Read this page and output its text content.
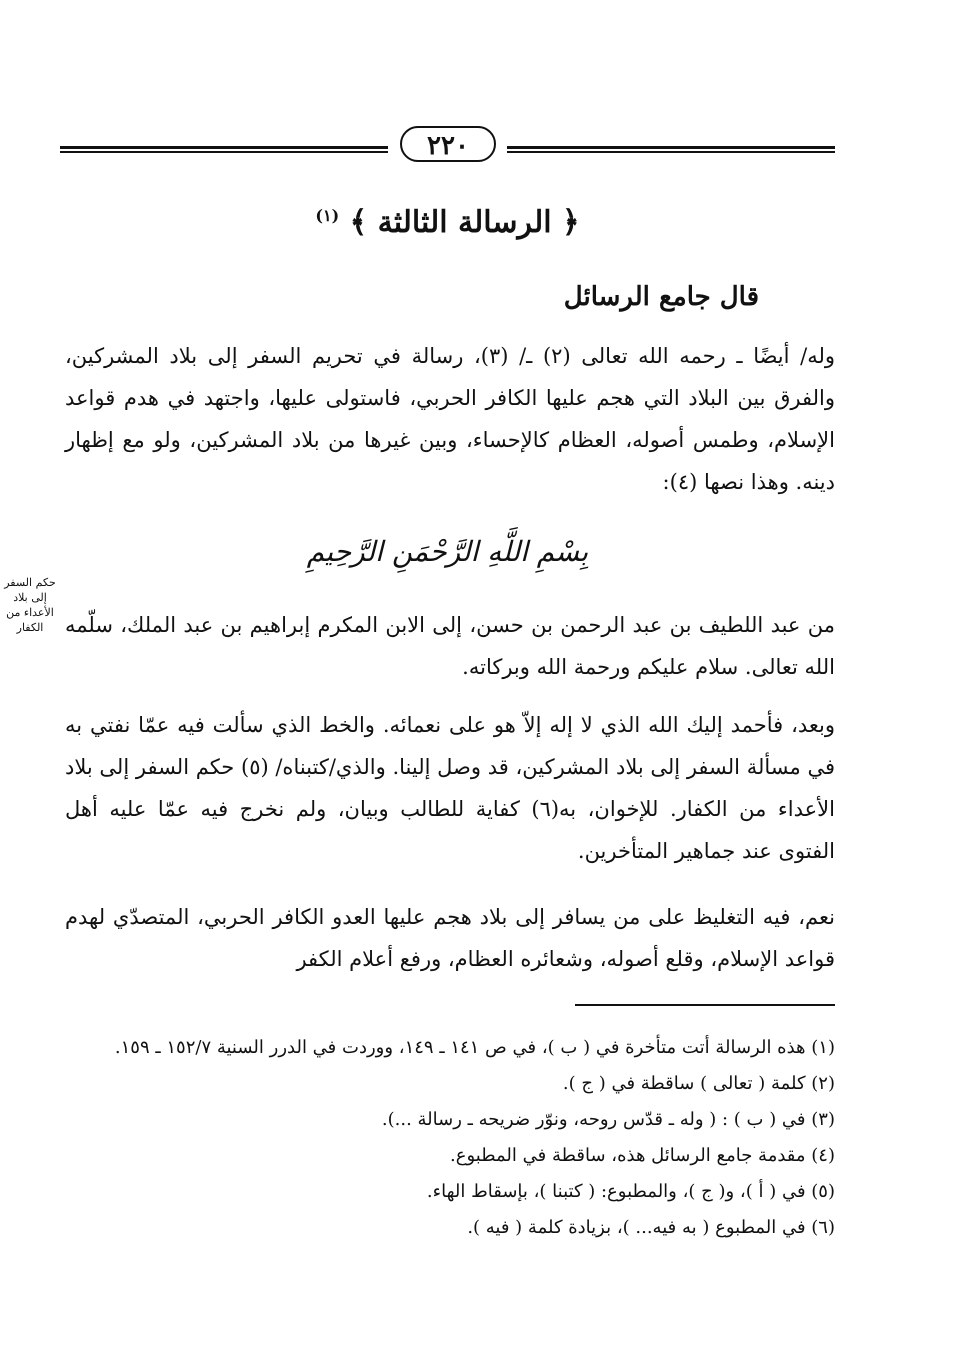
٢٢٠
﴿ الرسالة الثالثة ﴾ $^{(١)}$
قال جامع الرسائل
وله/ أيضًا ـ رحمه الله تعالى (٢) ـ/ (٣)، رسالة في تحريم السفر إلى بلاد المشركين، والفرق بين البلاد التي هجم عليها الكافر الحربي، فاستولى عليها، واجتهد في هدم قواعد الإسلام، وطمس أصوله، العظام كالإحساء، وبين غيرها من بلاد المشركين، ولو مع إظهار دينه. وهذا نصها (٤):
بِسْمِ اللَّهِ الرَّحْمَنِ الرَّحِيمِ
حكم السفر إلى بلاد الأعداء من الكفار	من عبد اللطيف بن عبد الرحمن بن حسن، إلى الابن المكرم إبراهيم بن عبد الملك، سلّمه الله تعالى. سلام عليكم ورحمة الله وبركاته.
وبعد، فأحمد إليك الله الذي لا إله إلاّ هو على نعمائه. والخط الذي سألت فيه عمّا نفتي به في مسألة السفر إلى بلاد المشركين، قد وصل إلينا. والذي/كتبناه/ (٥) حكم السفر إلى بلاد الأعداء من الكفار. للإخوان، به(٦) كفاية للطالب وبيان، ولم نخرج فيه عمّا عليه أهل الفتوى عند جماهير المتأخرين.
نعم، فيه التغليظ على من يسافر إلى بلاد هجم عليها العدو الكافر الحربي، المتصدّي لهدم قواعد الإسلام، وقلع أصوله، وشعائره العظام، ورفع أعلام الكفر

(١) هذه الرسالة أتت متأخرة في ( ب )، في ص ١٤١ ـ ١٤٩، ووردت في الدرر السنية ١٥٢/٧ ـ ١٥٩.

(٢) كلمة ( تعالى ) ساقطة في ( ج ).

(٣) في ( ب ) : ( وله ـ قدّس روحه، ونوّر ضريحه ـ رسالة ...).

(٤) مقدمة جامع الرسائل هذه، ساقطة في المطبوع.

(٥) في ( أ )، و( ج )، والمطبوع: ( كتبنا )، بإسقاط الهاء.

(٦) في المطبوع ( به فيه... )، بزيادة كلمة ( فيه ).
